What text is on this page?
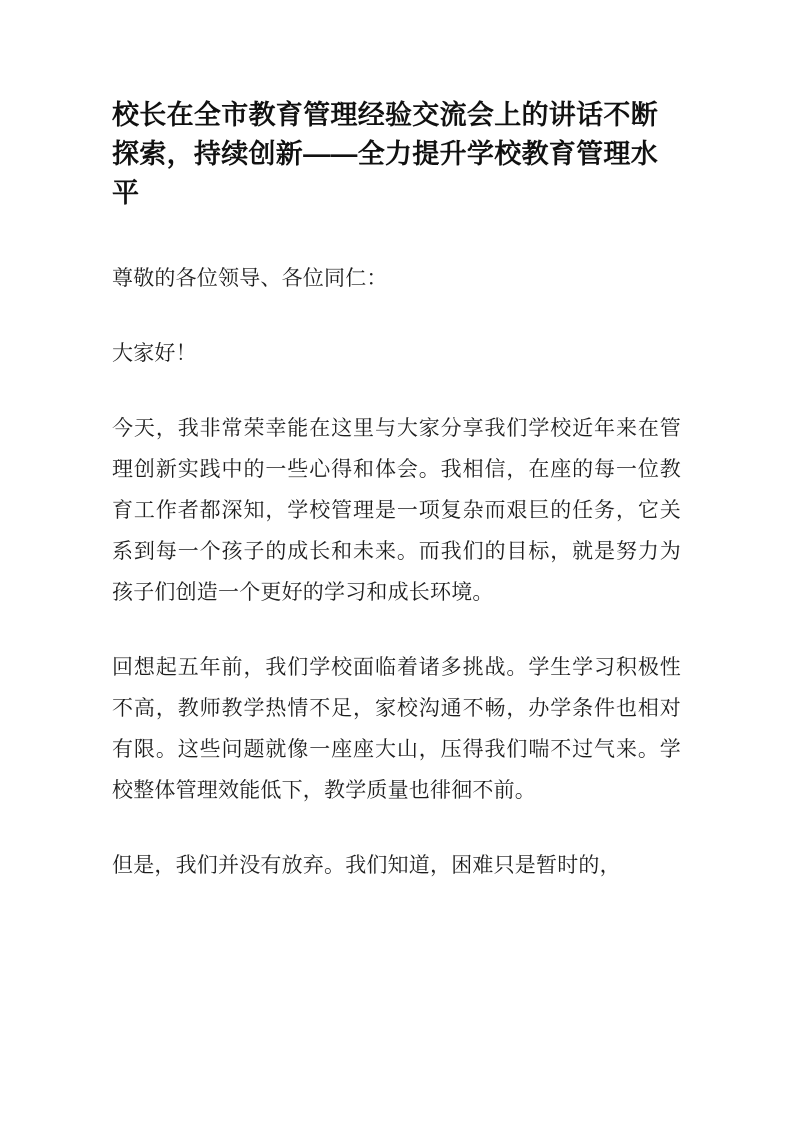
校长在全市教育管理经验交流会上的讲话不断探索，持续创新——全力提升学校教育管理水平

尊敬的各位领导、各位同仁：

大家好！

今天，我非常荣幸能在这里与大家分享我们学校近年来在管理创新实践中的一些心得和体会。我相信，在座的每一位教育工作者都深知，学校管理是一项复杂而艰巨的任务，它关系到每一个孩子的成长和未来。而我们的目标，就是努力为孩子们创造一个更好的学习和成长环境。

回想起五年前，我们学校面临着诸多挑战。学生学习积极性不高，教师教学热情不足，家校沟通不畅，办学条件也相对有限。这些问题就像一座座大山，压得我们喘不过气来。学校整体管理效能低下，教学质量也徘徊不前。

但是，我们并没有放弃。我们知道，困难只是暂时的，
